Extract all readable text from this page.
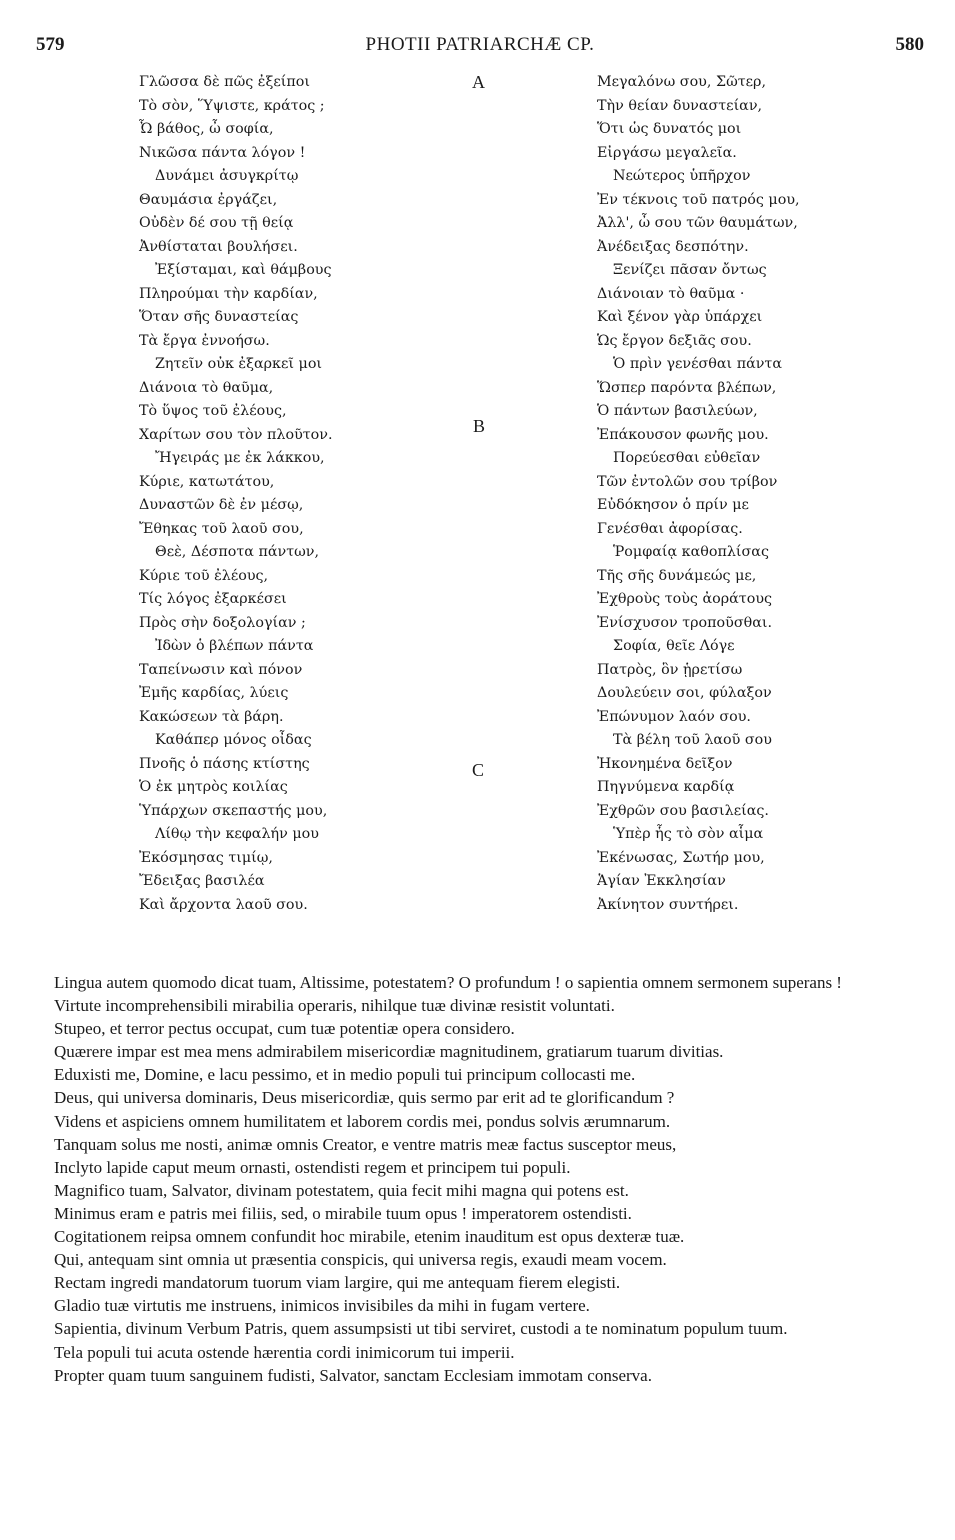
PHOTII PATRIARCHÆ CP.
579	580
Γλῶσσα δὲ πῶς ἐξείποι
Τὸ σὸν, Ὕψιστε, κράτος ;
Ὦ βάθος, ὦ σοφία,
Νικῶσα πάντα λόγον !
Δυνάμει ἀσυγκρίτῳ
Θαυμάσια ἐργάζει,
Οὐδὲν δέ σου τῇ θείᾳ
Ἀνθίσταται βουλήσει.
Ἐξίσταμαι, καὶ θάμβους
Πληρούμαι τὴν καρδίαν,
Ὅταν σῆς δυναστείας
Τὰ ἔργα ἐννοήσω.
Ζητεῖν οὐκ ἐξαρκεῖ μοι
Διάνοια τὸ θαῦμα,
Τὸ ὕψος τοῦ ἐλέους,
Χαρίτων σου τὸν πλοῦτον.
Ἤγειράς με ἐκ λάκκου,
Κύριε, κατωτάτου,
Δυναστῶν δὲ ἐν μέσῳ,
Ἔθηκας τοῦ λαοῦ σου,
Θεὲ, Δέσποτα πάντων,
Κύριε τοῦ ἐλέους,
Τίς λόγος ἐξαρκέσει
Πρὸς σὴν δοξολογίαν ;
Ἰδὼν ὁ βλέπων πάντα
Ταπείνωσιν καὶ πόνον
Ἐμῆς καρδίας, λύεις
Κακώσεων τὰ βάρη.
Καθάπερ μόνος οἶδας
Πνοῆς ὁ πάσης κτίστης
Ὁ ἐκ μητρὸς κοιλίας
Ὑπάρχων σκεπαστής μου,
Λίθῳ τὴν κεφαλήν μου
Ἐκόσμησας τιμίῳ,
Ἔδειξας βασιλέα
Καὶ ἄρχοντα λαοῦ σου.
Μεγαλόνω σου, Σῶτερ,
Τὴν θείαν δυναστείαν,
Ὅτι ὡς δυνατός μοι
Εἰργάσω μεγαλεῖα.
Νεώτερος ὑπῆρχον
Ἐν τέκνοις τοῦ πατρός μου,
Ἀλλ', ὦ σου τῶν θαυμάτων,
Ἀνέδειξας δεσπότην.
Ξενίζει πᾶσαν ὄντως
Διάνοιαν τὸ θαῦμα ·
Καὶ ξένον γὰρ ὑπάρχει
Ὡς ἔργον δεξιᾶς σου.
Ὁ πρὶν γενέσθαι πάντα
Ὥσπερ παρόντα βλέπων,
Ὁ πάντων βασιλεύων,
Ἐπάκουσον φωνῆς μου.
Πορεύεσθαι εὐθεῖαν
Τῶν ἐντολῶν σου τρίβον
Εὐδόκησον ὁ πρίν με
Γενέσθαι ἀφορίσας.
Ῥομφαίᾳ καθοπλίσας
Τῆς σῆς δυνάμεώς με,
Ἐχθροὺς τοὺς ἀοράτους
Ἐνίσχυσον τροποῦσθαι.
Σοφία, θεῖε Λόγε
Πατρὸς, ὃν ᾑρετίσω
Δουλεύειν σοι, φύλαξον
Ἐπώνυμον λαόν σου.
Τὰ βέλη τοῦ λαοῦ σου
Ἠκονημένα δεῖξον
Πηγνύμενα καρδίᾳ
Ἐχθρῶν σου βασιλείας.
Ὑπὲρ ἧς τὸ σὸν αἷμα
Ἐκένωσας, Σωτήρ μου,
Ἁγίαν Ἐκκλησίαν
Ἀκίνητον συντήρει.
A
B
C

Lingua autem quomodo dicat tuam, Altissime, potestatem? O profundum ! o sapientia omnem sermonem superans !

Virtute incomprehensibili mirabilia operaris, nihilque tuæ divinæ resistit voluntati.

Stupeo, et terror pectus occupat, cum tuæ potentiæ opera considero.

Quærere impar est mea mens admirabilem misericordiæ magnitudinem, gratiarum tuarum divitias.

Eduxisti me, Domine, e lacu pessimo, et in medio populi tui principum collocasti me.

Deus, qui universa dominaris, Deus misericordiæ, quis sermo par erit ad te glorificandum ?

Videns et aspiciens omnem humilitatem et laborem cordis mei, pondus solvis ærumnarum.

Tanquam solus me nosti, animæ omnis Creator, e ventre matris meæ factus susceptor meus,

Inclyto lapide caput meum ornasti, ostendisti regem et principem tui populi.

Magnifico tuam, Salvator, divinam potestatem, quia fecit mihi magna qui potens est.

Minimus eram e patris mei filiis, sed, o mirabile tuum opus ! imperatorem ostendisti.

Cogitationem reipsa omnem confundit hoc mirabile, etenim inauditum est opus dexteræ tuæ.

Qui, antequam sint omnia ut præsentia conspicis, qui universa regis, exaudi meam vocem.

Rectam ingredi mandatorum tuorum viam largire, qui me antequam fierem elegisti.

Gladio tuæ virtutis me instruens, inimicos invisibiles da mihi in fugam vertere.

Sapientia, divinum Verbum Patris, quem assumpsisti ut tibi serviret, custodi a te nominatum populum tuum.

Tela populi tui acuta ostende hærentia cordi inimicorum tui imperii.

Propter quam tuum sanguinem fudisti, Salvator, sanctam Ecclesiam immotam conserva.
